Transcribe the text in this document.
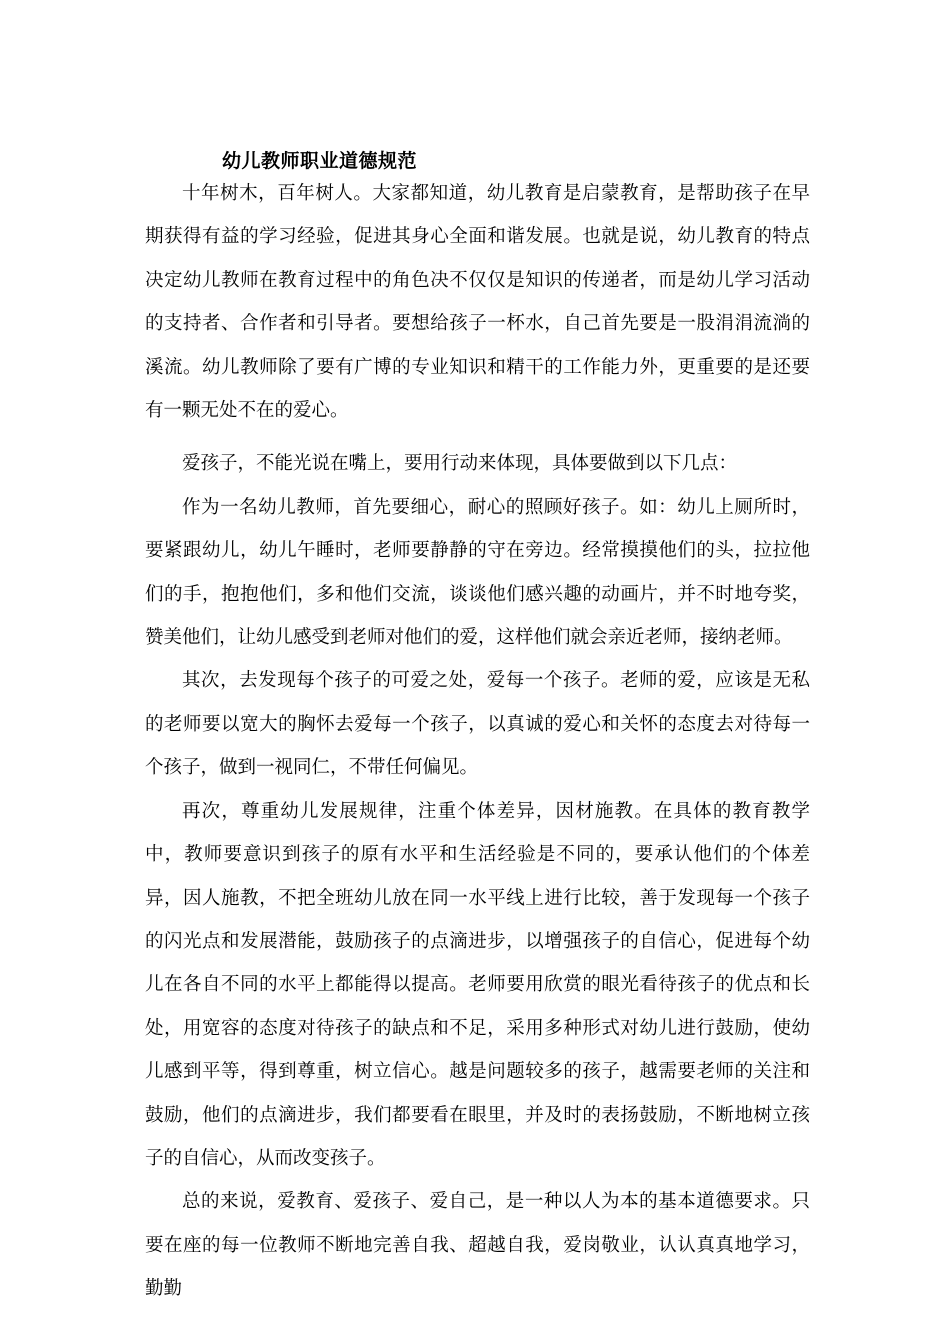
幼儿教师职业道德规范

十年树木，百年树人。大家都知道，幼儿教育是启蒙教育，是帮助孩子在早期获得有益的学习经验，促进其身心全面和谐发展。也就是说，幼儿教育的特点决定幼儿教师在教育过程中的角色决不仅仅是知识的传递者，而是幼儿学习活动的支持者、合作者和引导者。要想给孩子一杯水，自己首先要是一股涓涓流淌的溪流。幼儿教师除了要有广博的专业知识和精干的工作能力外，更重要的是还要有一颗无处不在的爱心。

爱孩子，不能光说在嘴上，要用行动来体现，具体要做到以下几点：

作为一名幼儿教师，首先要细心，耐心的照顾好孩子。如：幼儿上厕所时，要紧跟幼儿，幼儿午睡时，老师要静静的守在旁边。经常摸摸他们的头，拉拉他们的手，抱抱他们，多和他们交流，谈谈他们感兴趣的动画片，并不时地夸奖，赞美他们，让幼儿感受到老师对他们的爱，这样他们就会亲近老师，接纳老师。

其次，去发现每个孩子的可爱之处，爱每一个孩子。老师的爱，应该是无私的老师要以宽大的胸怀去爱每一个孩子，以真诚的爱心和关怀的态度去对待每一个孩子，做到一视同仁，不带任何偏见。

再次，尊重幼儿发展规律，注重个体差异，因材施教。在具体的教育教学中，教师要意识到孩子的原有水平和生活经验是不同的，要承认他们的个体差异，因人施教，不把全班幼儿放在同一水平线上进行比较，善于发现每一个孩子的闪光点和发展潜能，鼓励孩子的点滴进步，以增强孩子的自信心，促进每个幼儿在各自不同的水平上都能得以提高。老师要用欣赏的眼光看待孩子的优点和长处，用宽容的态度对待孩子的缺点和不足，采用多种形式对幼儿进行鼓励，使幼儿感到平等，得到尊重，树立信心。越是问题较多的孩子，越需要老师的关注和鼓励，他们的点滴进步，我们都要看在眼里，并及时的表扬鼓励，不断地树立孩子的自信心，从而改变孩子。

总的来说，爱教育、爱孩子、爱自己，是一种以人为本的基本道德要求。只要在座的每一位教师不断地完善自我、超越自我，爱岗敬业，认认真真地学习，勤勤
